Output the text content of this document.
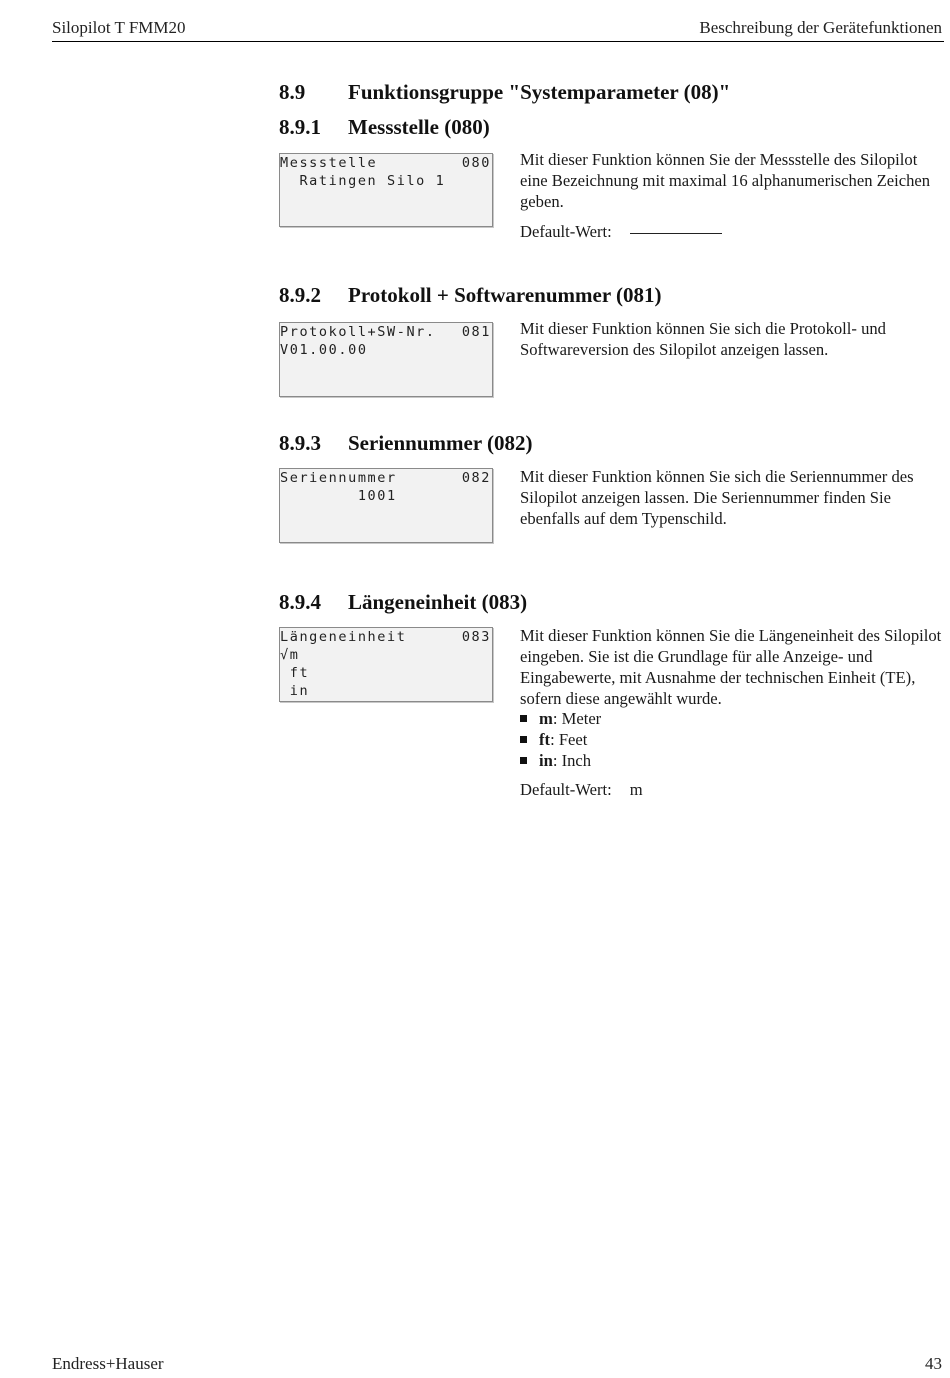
Silopilot T FMM20	Beschreibung der Gerätefunktionen
8.9 Funktionsgruppe "Systemparameter (08)"
8.9.1 Messstelle (080)
Messstelle	080
Ratingen Silo 1
Mit dieser Funktion können Sie der Messstelle des Silopilot eine Bezeichnung mit maximal 16 alphanumerischen Zeichen geben.
Default-Wert:
8.9.2 Protokoll + Softwarenummer (081)
Protokoll+SW-Nr. 081
V01.00.00
Mit dieser Funktion können Sie sich die Protokoll- und Softwareversion des Silopilot anzeigen lassen.
8.9.3 Seriennummer (082)
Seriennummer	082
1001
Mit dieser Funktion können Sie sich die Seriennummer des Silopilot anzeigen lassen. Die Seriennummer finden Sie ebenfalls auf dem Typenschild.
8.9.4 Längeneinheit (083)
Längeneinheit	083
√m
ft
in
Mit dieser Funktion können Sie die Längeneinheit des Silopilot eingeben. Sie ist die Grundlage für alle Anzeige- und Eingabewerte, mit Ausnahme der technischen Einheit (TE), sofern diese angewählt wurde.
m : Meter
ft : Feet
in : Inch
Default-Wert: m
Endress+Hauser	43
